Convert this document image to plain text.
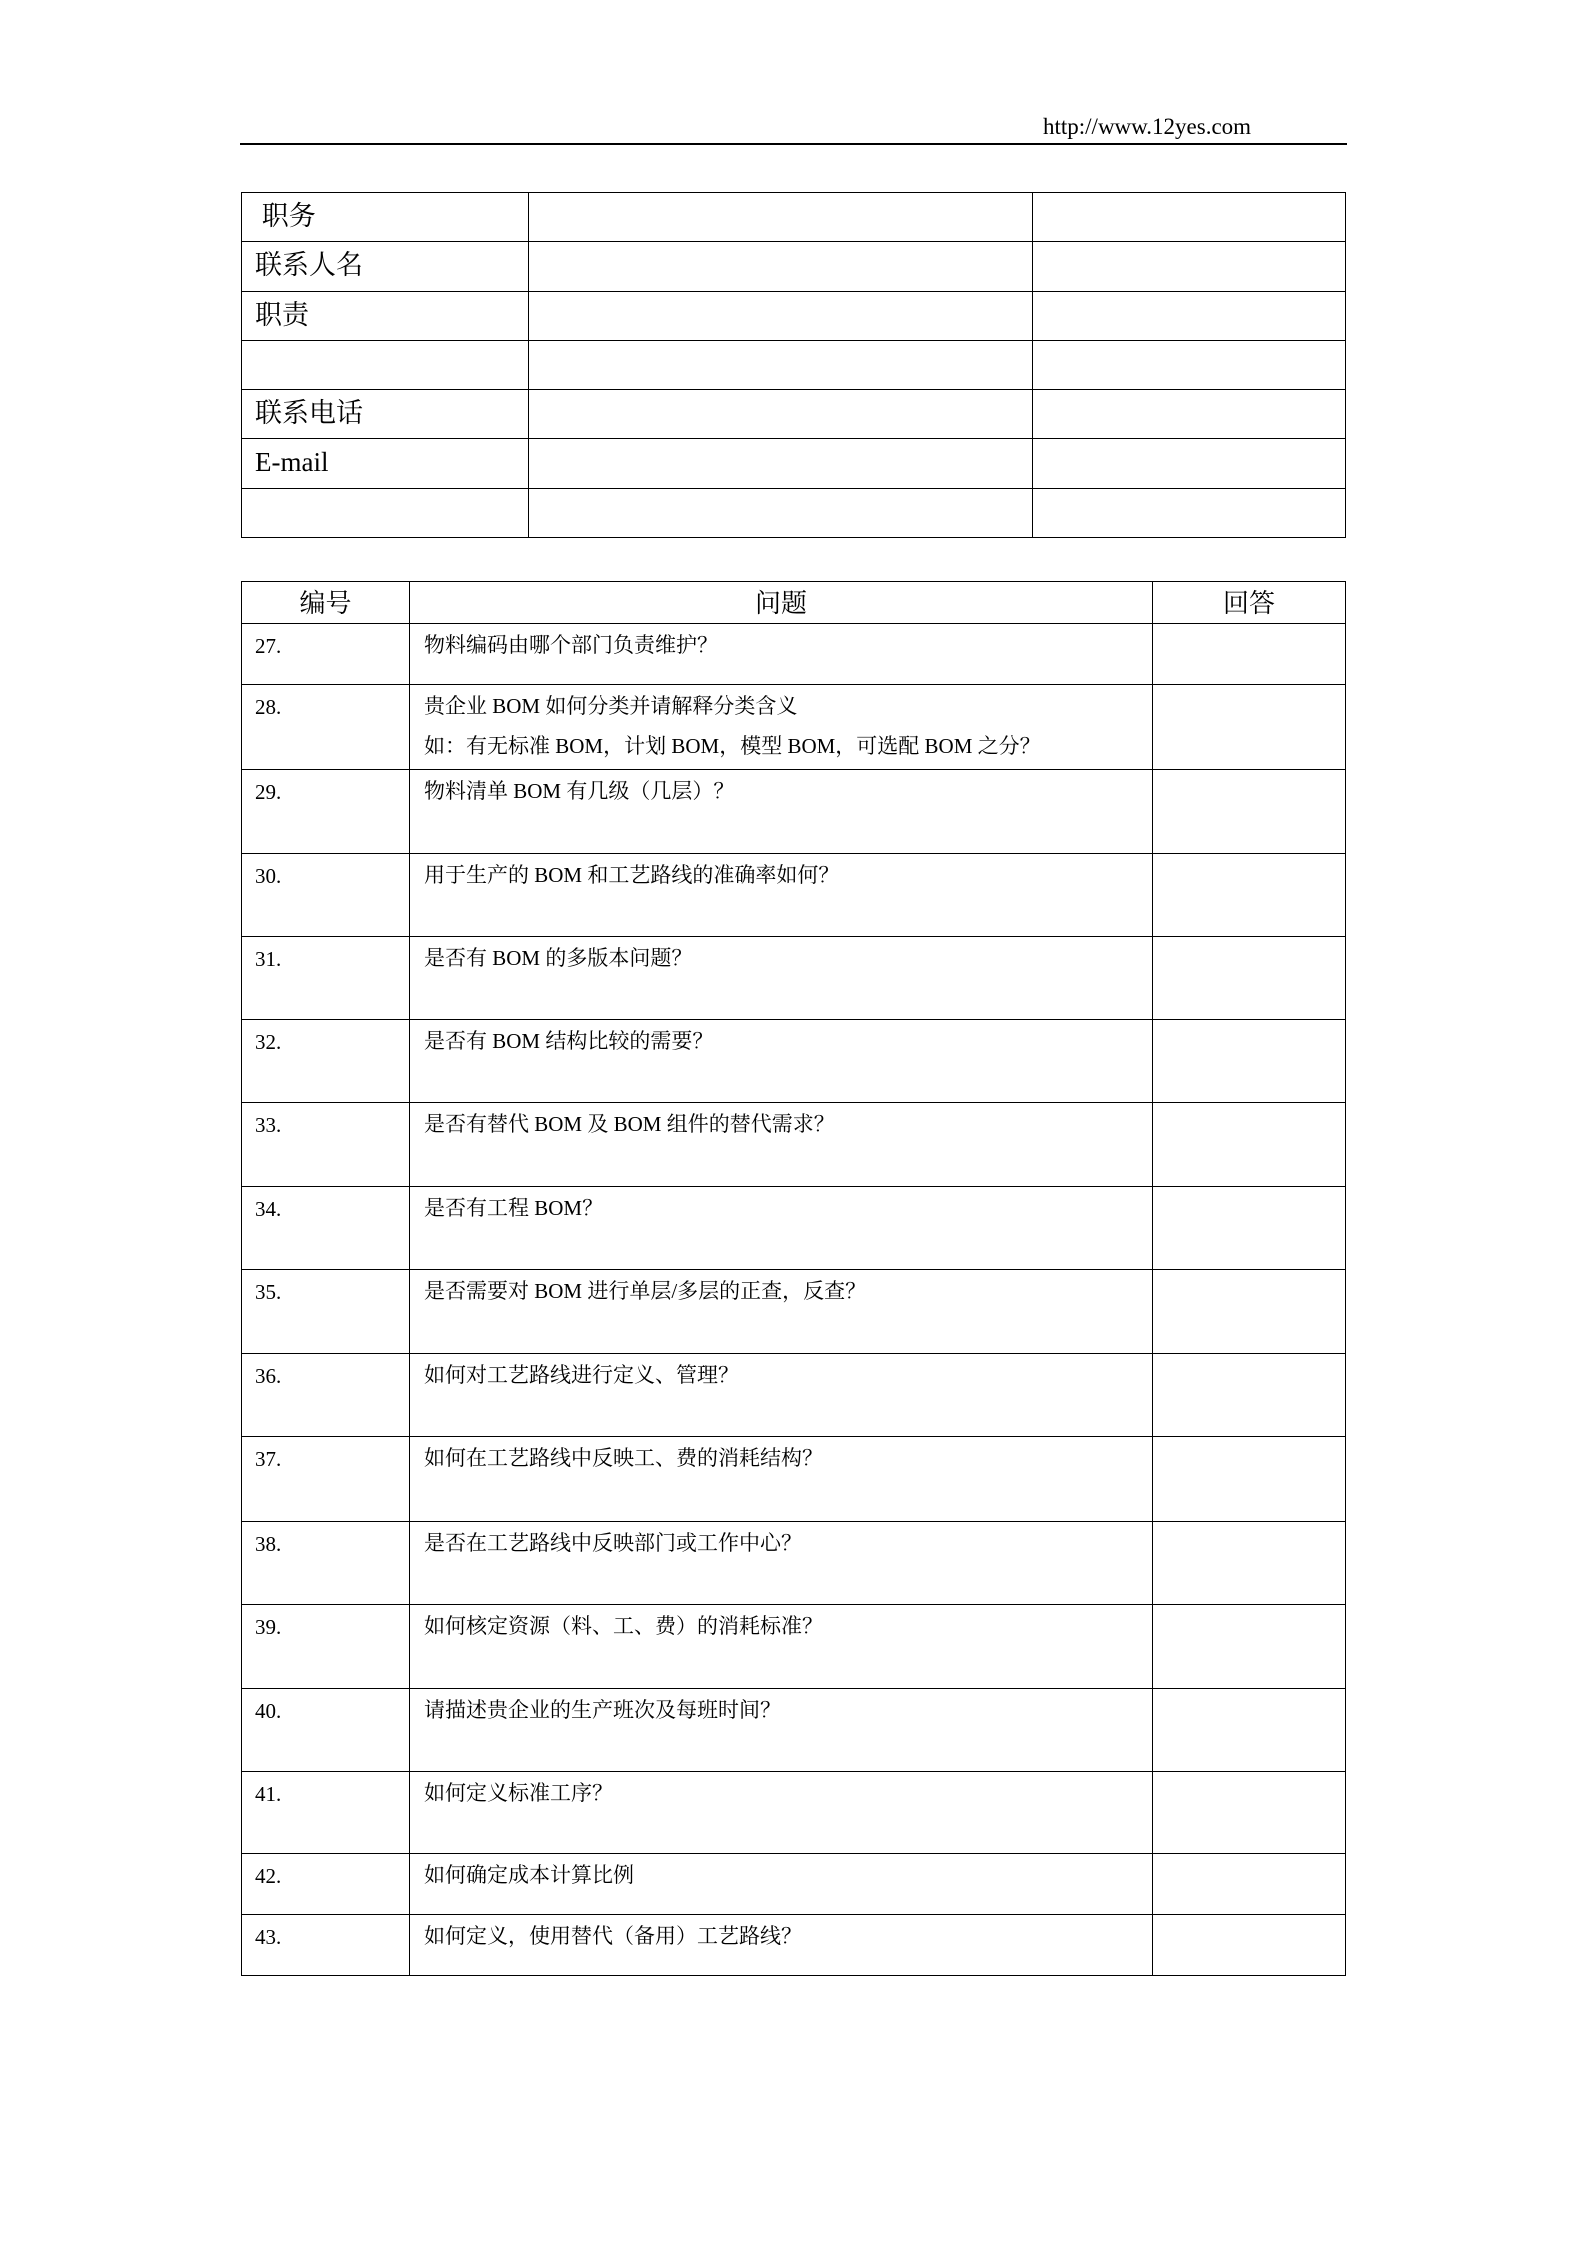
http://www.12yes.com
职务		
联系人名		
职责		

联系电话		
E-mail		

编号	问题	回答
27.	物料编码由哪个部门负责维护？	

28.	贵企业 BOM 如何分类并请解释分类含义
如：有无标准 BOM，计划 BOM，模型 BOM，可选配 BOM 之分？	

29.	物料清单 BOM 有几级（几层）？	

30.	用于生产的 BOM 和工艺路线的准确率如何？	

31.	是否有 BOM 的多版本问题？	

32.	是否有 BOM 结构比较的需要？	

33.	是否有替代 BOM 及 BOM 组件的替代需求？	

34.	是否有工程 BOM？	

35.	是否需要对 BOM 进行单层/多层的正查，反查？	

36.	如何对工艺路线进行定义、管理？	

37.	如何在工艺路线中反映工、费的消耗结构？	

38.	是否在工艺路线中反映部门或工作中心？	

39.	如何核定资源（料、工、费）的消耗标准？	

40.	请描述贵企业的生产班次及每班时间？	

41.	如何定义标准工序？	

42.	如何确定成本计算比例	

43.	如何定义，使用替代（备用）工艺路线？	
